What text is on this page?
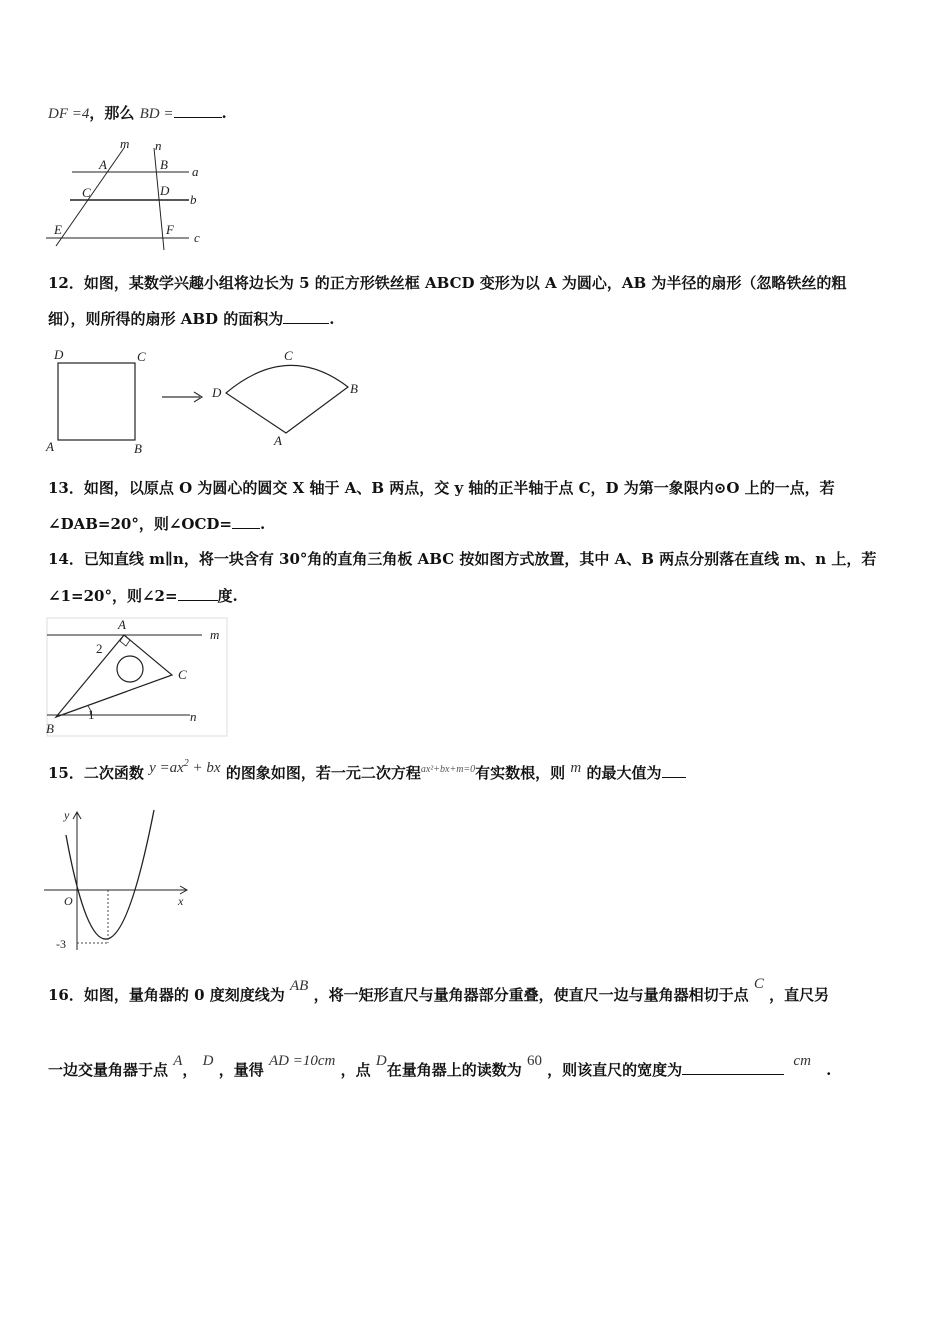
DF =4，那么 BD =	.
m n
A	B a
C	D
b
E	F
c
12．如图，某数学兴趣小组将边长为 5 的正方形铁丝框 ABCD 变形为以 A 为圆心，AB 为半径的扇形（忽略铁丝的粗
细），则所得的扇形 ABD 的面积为	.
D	C
A	B
C
D	B
A
13．如图，以原点 O 为圆心的圆交 X 轴于 A、B 两点，交 y 轴的正半轴于点 C，D 为第一象限内⊙O 上的一点，若
∠DAB=20°，则∠OCD= .
14．已知直线 m∥n，将一块含有 30°角的直角三角板 ABC 按如图方式放置，其中 A、B 两点分别落在直线 m、n 上，若
∠1=20°，则∠2=	度.
A
m
2
C
1
B
n
15．二次函数 $y =ax^2$ + bx 的图象如图，若一元二次方程$^{ax^2+bx+m=0}$有实数根，则 m 的最大值为
y
x
O
-3
16．如图，量角器的 0 度刻度线为 AB ，将一矩形直尺与量角器部分重叠，使直尺一边与量角器相切于点 C ，直尺另
一边交量角器于点 A， D ，量得 AD =10cm ，点 D在量角器上的读数为 60 ，则该直尺的宽度为	cm .
